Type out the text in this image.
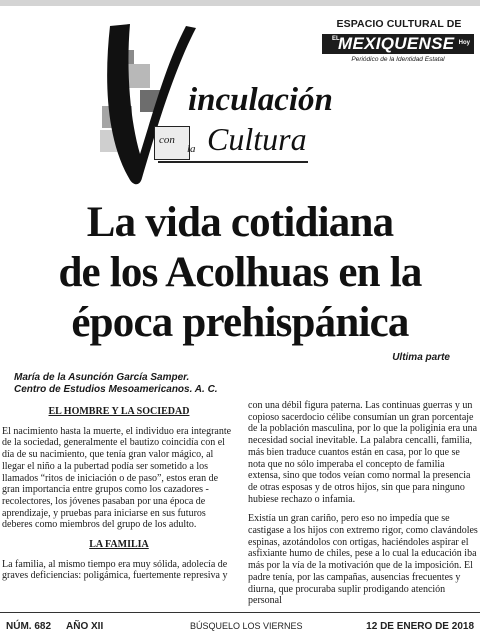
ESPACIO CULTURAL DE
EL
MEXIQUENSE Hoy
Periódico de la Identidad Estatal
inculación
con
la Cultura
La vida cotidiana
de los Acolhuas en la
época prehispánica
Ultima parte
María de la Asunción García Samper.
Centro de Estudios Mesoamericanos. A. C.
EL HOMBRE Y LA SOCIEDAD

El nacimiento hasta la muerte, el individuo era integrante de la sociedad, generalmente el bautizo coincidía con el día de su nacimiento, que tenía gran valor mágico, al llegar el niño a la pubertad podía ser sometido a los llamados “ritos de iniciación o de paso”, estos eran de gran importancia entre grupos como los cazadores - recolectores, los jóvenes pasaban por una época de aprendizaje, y pruebas para iniciarse en sus futuros deberes como miembros del grupo de los adulto.

LA FAMILIA

La familia, al mismo tiempo era muy sólida, adolecía de graves deficiencias: poligámica, fuertemente represiva y

con una débil figura paterna. Las continuas guerras y un copioso sacerdocio célibe consumían un gran porcentaje de la población masculina, por lo que la poliginia era una necesidad social inevitable. La palabra cencalli, familia, más bien traduce cuantos están en casa, por lo que se nota que no sólo imperaba el concepto de familia extensa, sino que todos veían como normal la presencia de otras esposas y de otros hijos, sin que para ninguno hubiese rechazo o infamia.

Existía un gran cariño, pero eso no impedía que se castigase a los hijos con extremo rigor, como clavándoles espinas, azotándolos con ortigas, haciéndoles aspirar el asfixiante humo de chiles, pese a lo cual la educación iba más por la vía de la motivación que de la imposición. El padre tenía, por las campañas, ausencias frecuentes y diurna, que procuraba suplir prodigando atención personal

NÚM. 682 AÑO XII	BÚSQUELO LOS VIERNES	12 DE ENERO DE 2018
